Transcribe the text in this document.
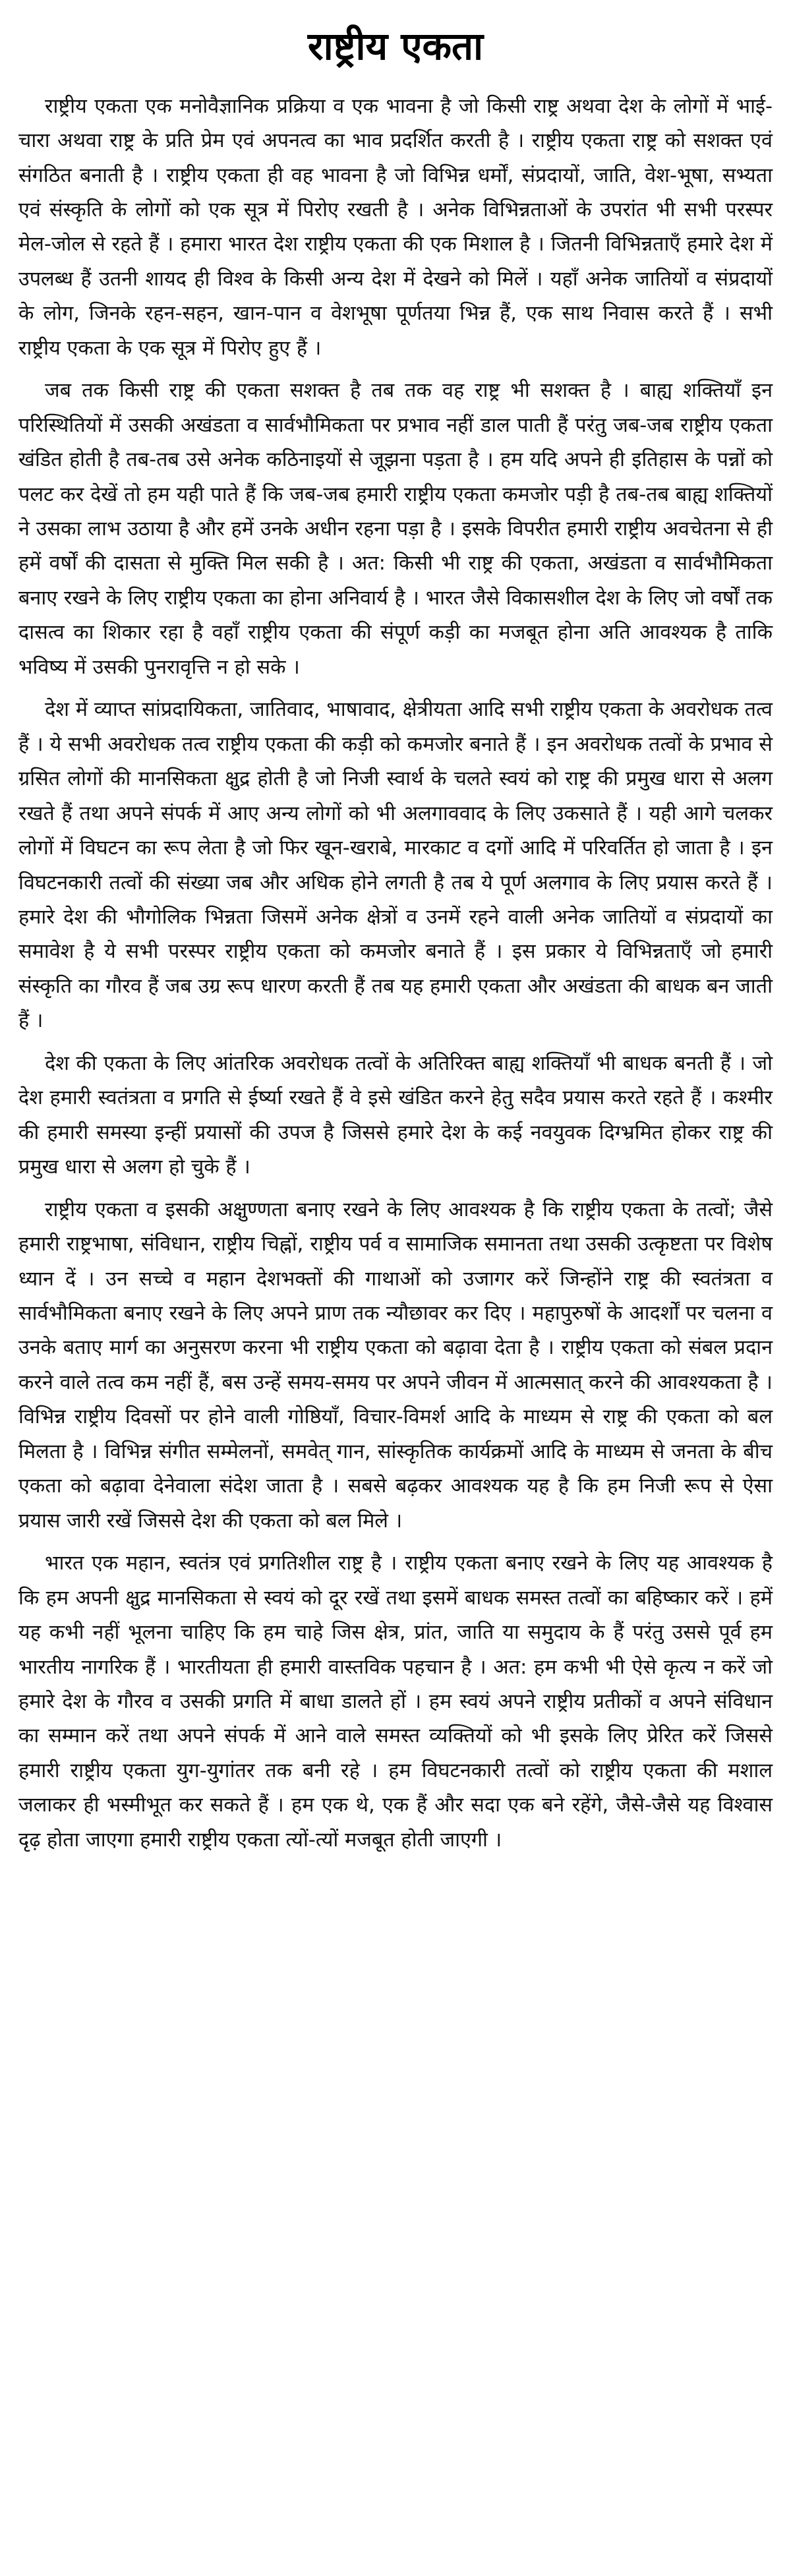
राष्ट्रीय एकता

राष्ट्रीय एकता एक मनोवैज्ञानिक प्रक्रिया व एक भावना है जो किसी राष्ट्र अथवा देश के लोगों में भाई-चारा अथवा राष्ट्र के प्रति प्रेम एवं अपनत्व का भाव प्रदर्शित करती है । राष्ट्रीय एकता राष्ट्र को सशक्त एवं संगठित बनाती है । राष्ट्रीय एकता ही वह भावना है जो विभिन्न धर्मों, संप्रदायों, जाति, वेश-भूषा, सभ्यता एवं संस्कृति के लोगों को एक सूत्र में पिरोए रखती है । अनेक विभिन्नताओं के उपरांत भी सभी परस्पर मेल-जोल से रहते हैं । हमारा भारत देश राष्ट्रीय एकता की एक मिशाल है । जितनी विभिन्नताएँ हमारे देश में उपलब्ध हैं उतनी शायद ही विश्व के किसी अन्य देश में देखने को मिलें । यहाँ अनेक जातियों व संप्रदायों के लोग, जिनके रहन-सहन, खान-पान व वेशभूषा पूर्णतया भिन्न हैं, एक साथ निवास करते हैं । सभी राष्ट्रीय एकता के एक सूत्र में पिरोए हुए हैं ।

जब तक किसी राष्ट्र की एकता सशक्त है तब तक वह राष्ट्र भी सशक्त है । बाह्य शक्तियाँ इन परिस्थितियों में उसकी अखंडता व सार्वभौमिकता पर प्रभाव नहीं डाल पाती हैं परंतु जब-जब राष्ट्रीय एकता खंडित होती है तब-तब उसे अनेक कठिनाइयों से जूझना पड़ता है । हम यदि अपने ही इतिहास के पन्नों को पलट कर देखें तो हम यही पाते हैं कि जब-जब हमारी राष्ट्रीय एकता कमजोर पड़ी है तब-तब बाह्य शक्तियों ने उसका लाभ उठाया है और हमें उनके अधीन रहना पड़ा है । इसके विपरीत हमारी राष्ट्रीय अवचेतना से ही हमें वर्षों की दासता से मुक्ति मिल सकी है । अत: किसी भी राष्ट्र की एकता, अखंडता व सार्वभौमिकता बनाए रखने के लिए राष्ट्रीय एकता का होना अनिवार्य है । भारत जैसे विकासशील देश के लिए जो वर्षों तक दासत्व का शिकार रहा है वहाँ राष्ट्रीय एकता की संपूर्ण कड़ी का मजबूत होना अति आवश्यक है ताकि भविष्य में उसकी पुनरावृत्ति न हो सके ।

देश में व्याप्त सांप्रदायिकता, जातिवाद, भाषावाद, क्षेत्रीयता आदि सभी राष्ट्रीय एकता के अवरोधक तत्व हैं । ये सभी अवरोधक तत्व राष्ट्रीय एकता की कड़ी को कमजोर बनाते हैं । इन अवरोधक तत्वों के प्रभाव से ग्रसित लोगों की मानसिकता क्षुद्र होती है जो निजी स्वार्थ के चलते स्वयं को राष्ट्र की प्रमुख धारा से अलग रखते हैं तथा अपने संपर्क में आए अन्य लोगों को भी अलगाववाद के लिए उकसाते हैं । यही आगे चलकर लोगों में विघटन का रूप लेता है जो फिर खून-खराबे, मारकाट व दगों आदि में परिवर्तित हो जाता है । इन विघटनकारी तत्वों की संख्या जब और अधिक होने लगती है तब ये पूर्ण अलगाव के लिए प्रयास करते हैं । हमारे देश की भौगोलिक भिन्नता जिसमें अनेक क्षेत्रों व उनमें रहने वाली अनेक जातियों व संप्रदायों का समावेश है ये सभी परस्पर राष्ट्रीय एकता को कमजोर बनाते हैं । इस प्रकार ये विभिन्नताएँ जो हमारी संस्कृति का गौरव हैं जब उग्र रूप धारण करती हैं तब यह हमारी एकता और अखंडता की बाधक बन जाती हैं ।

देश की एकता के लिए आंतरिक अवरोधक तत्वों के अतिरिक्त बाह्य शक्तियाँ भी बाधक बनती हैं । जो देश हमारी स्वतंत्रता व प्रगति से ईर्ष्या रखते हैं वे इसे खंडित करने हेतु सदैव प्रयास करते रहते हैं । कश्मीर की हमारी समस्या इन्हीं प्रयासों की उपज है जिससे हमारे देश के कई नवयुवक दिग्भ्रमित होकर राष्ट्र की प्रमुख धारा से अलग हो चुके हैं ।

राष्ट्रीय एकता व इसकी अक्षुण्णता बनाए रखने के लिए आवश्यक है कि राष्ट्रीय एकता के तत्वों; जैसे हमारी राष्ट्रभाषा, संविधान, राष्ट्रीय चिह्नों, राष्ट्रीय पर्व व सामाजिक समानता तथा उसकी उत्कृष्टता पर विशेष ध्यान दें । उन सच्चे व महान देशभक्तों की गाथाओं को उजागर करें जिन्होंने राष्ट्र की स्वतंत्रता व सार्वभौमिकता बनाए रखने के लिए अपने प्राण तक न्यौछावर कर दिए । महापुरुषों के आदर्शों पर चलना व उनके बताए मार्ग का अनुसरण करना भी राष्ट्रीय एकता को बढ़ावा देता है । राष्ट्रीय एकता को संबल प्रदान करने वाले तत्व कम नहीं हैं, बस उन्हें समय-समय पर अपने जीवन में आत्मसात् करने की आवश्यकता है । विभिन्न राष्ट्रीय दिवसों पर होने वाली गोष्ठियाँ, विचार-विमर्श आदि के माध्यम से राष्ट्र की एकता को बल मिलता है । विभिन्न संगीत सम्मेलनों, समवेत् गान, सांस्कृतिक कार्यक्रमों आदि के माध्यम से जनता के बीच एकता को बढ़ावा देनेवाला संदेश जाता है । सबसे बढ़कर आवश्यक यह है कि हम निजी रूप से ऐसा प्रयास जारी रखें जिससे देश की एकता को बल मिले ।

भारत एक महान, स्वतंत्र एवं प्रगतिशील राष्ट्र है । राष्ट्रीय एकता बनाए रखने के लिए यह आवश्यक है कि हम अपनी क्षुद्र मानसिकता से स्वयं को दूर रखें तथा इसमें बाधक समस्त तत्वों का बहिष्कार करें । हमें यह कभी नहीं भूलना चाहिए कि हम चाहे जिस क्षेत्र, प्रांत, जाति या समुदाय के हैं परंतु उससे पूर्व हम भारतीय नागरिक हैं । भारतीयता ही हमारी वास्तविक पहचान है । अत: हम कभी भी ऐसे कृत्य न करें जो हमारे देश के गौरव व उसकी प्रगति में बाधा डालते हों । हम स्वयं अपने राष्ट्रीय प्रतीकों व अपने संविधान का सम्मान करें तथा अपने संपर्क में आने वाले समस्त व्यक्तियों को भी इसके लिए प्रेरित करें जिससे हमारी राष्ट्रीय एकता युग-युगांतर तक बनी रहे । हम विघटनकारी तत्वों को राष्ट्रीय एकता की मशाल जलाकर ही भस्मीभूत कर सकते हैं । हम एक थे, एक हैं और सदा एक बने रहेंगे, जैसे-जैसे यह विश्वास दृढ़ होता जाएगा हमारी राष्ट्रीय एकता त्यों-त्यों मजबूत होती जाएगी ।
